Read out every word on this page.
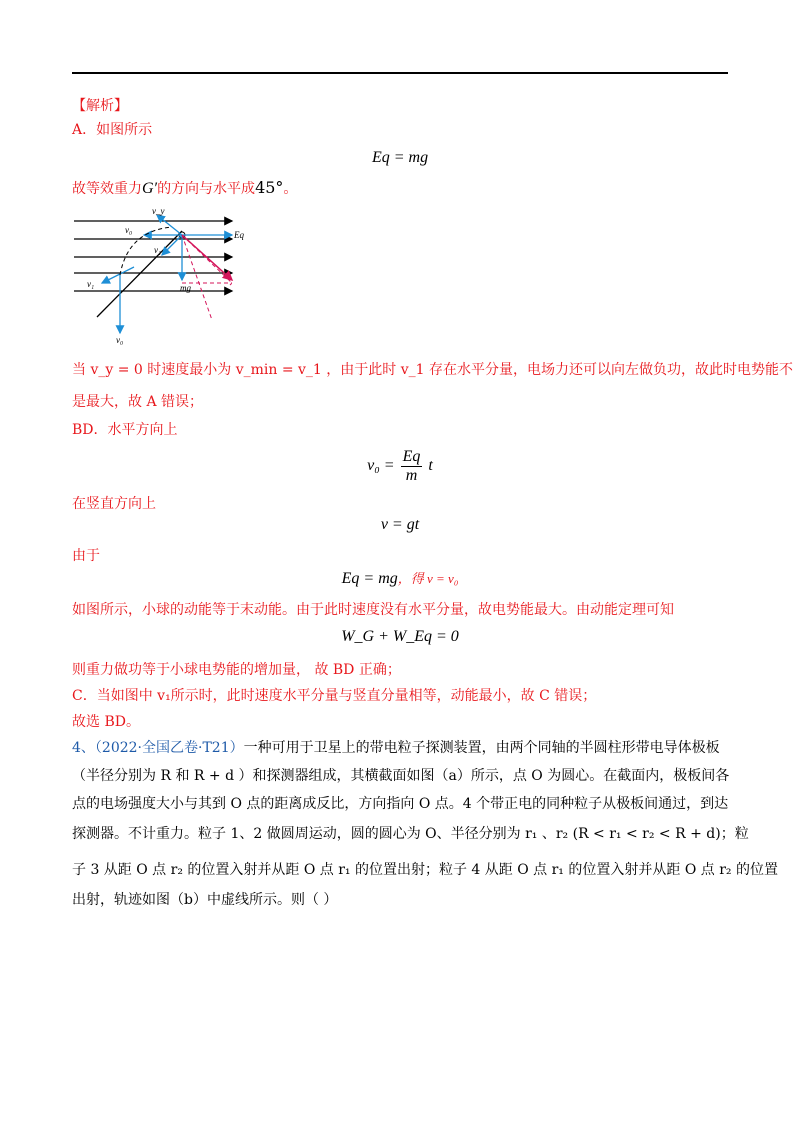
【解析】
A．如图所示
Eq = mg
故等效重力G′的方向与水平成45°。
v_y
v₀
v₁
Eq
mg
v₁
v₀
当 v_y = 0 时速度最小为 v_min = v_1 ，由于此时 v_1 存在水平分量，电场力还可以向左做负功，故此时电势能不
是最大，故 A 错误；
BD．水平方向上
$v_0 = \frac{Eq}{m}$ t
在竖直方向上
v = gt
由于
Eq = mg，得 v = v₀
如图所示，小球的动能等于末动能。由于此时速度没有水平分量，故电势能最大。由动能定理可知
W_G + W_Eq = 0
则重力做功等于小球电势能的增加量， 故 BD 正确；
C．当如图中 v₁所示时，此时速度水平分量与竖直分量相等，动能最小，故 C 错误；
故选 BD。
4、（2022·全国乙卷·T21）一种可用于卫星上的带电粒子探测装置，由两个同轴的半圆柱形带电导体极板
（半径分别为 R 和 R + d ）和探测器组成，其横截面如图（a）所示，点 O 为圆心。在截面内，极板间各
点的电场强度大小与其到 O 点的距离成反比，方向指向 O 点。4 个带正电的同种粒子从极板间通过，到达
探测器。不计重力。粒子 1、2 做圆周运动，圆的圆心为 O、半径分别为 r₁ 、r₂ (R < r₁ < r₂ < R + d)；粒
子 3 从距 O 点 r₂ 的位置入射并从距 O 点 r₁ 的位置出射；粒子 4 从距 O 点 r₁ 的位置入射并从距 O 点 r₂ 的位置
出射，轨迹如图（b）中虚线所示。则（ ）
